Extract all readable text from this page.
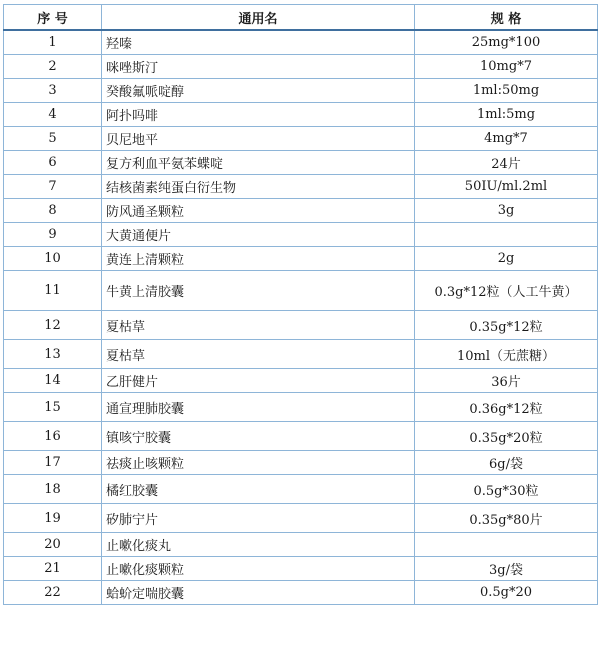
序 号	通用名	规 格
1	羟嗪	25mg*100
2	咪唑斯汀	10mg*7
3	癸酸氟哌啶醇	1ml:50mg
4	阿扑吗啡	1ml:5mg
5	贝尼地平	4mg*7
6	复方利血平氨苯蝶啶	24片
7	结核菌素纯蛋白衍生物	50IU/ml.2ml
8	防风通圣颗粒	3g
9	大黄通便片	
10	黄连上清颗粒	2g
11	牛黄上清胶囊	0.3g*12粒（人工牛黄）
12	夏枯草	0.35g*12粒
13	夏枯草	10ml（无蔗糖）
14	乙肝健片	36片
15	通宣理肺胶囊	0.36g*12粒
16	镇咳宁胶囊	0.35g*20粒
17	祛痰止咳颗粒	6g/袋
18	橘红胶囊	0.5g*30粒
19	矽肺宁片	0.35g*80片
20	止嗽化痰丸	
21	止嗽化痰颗粒	3g/袋
22	蛤蚧定喘胶囊	0.5g*20
